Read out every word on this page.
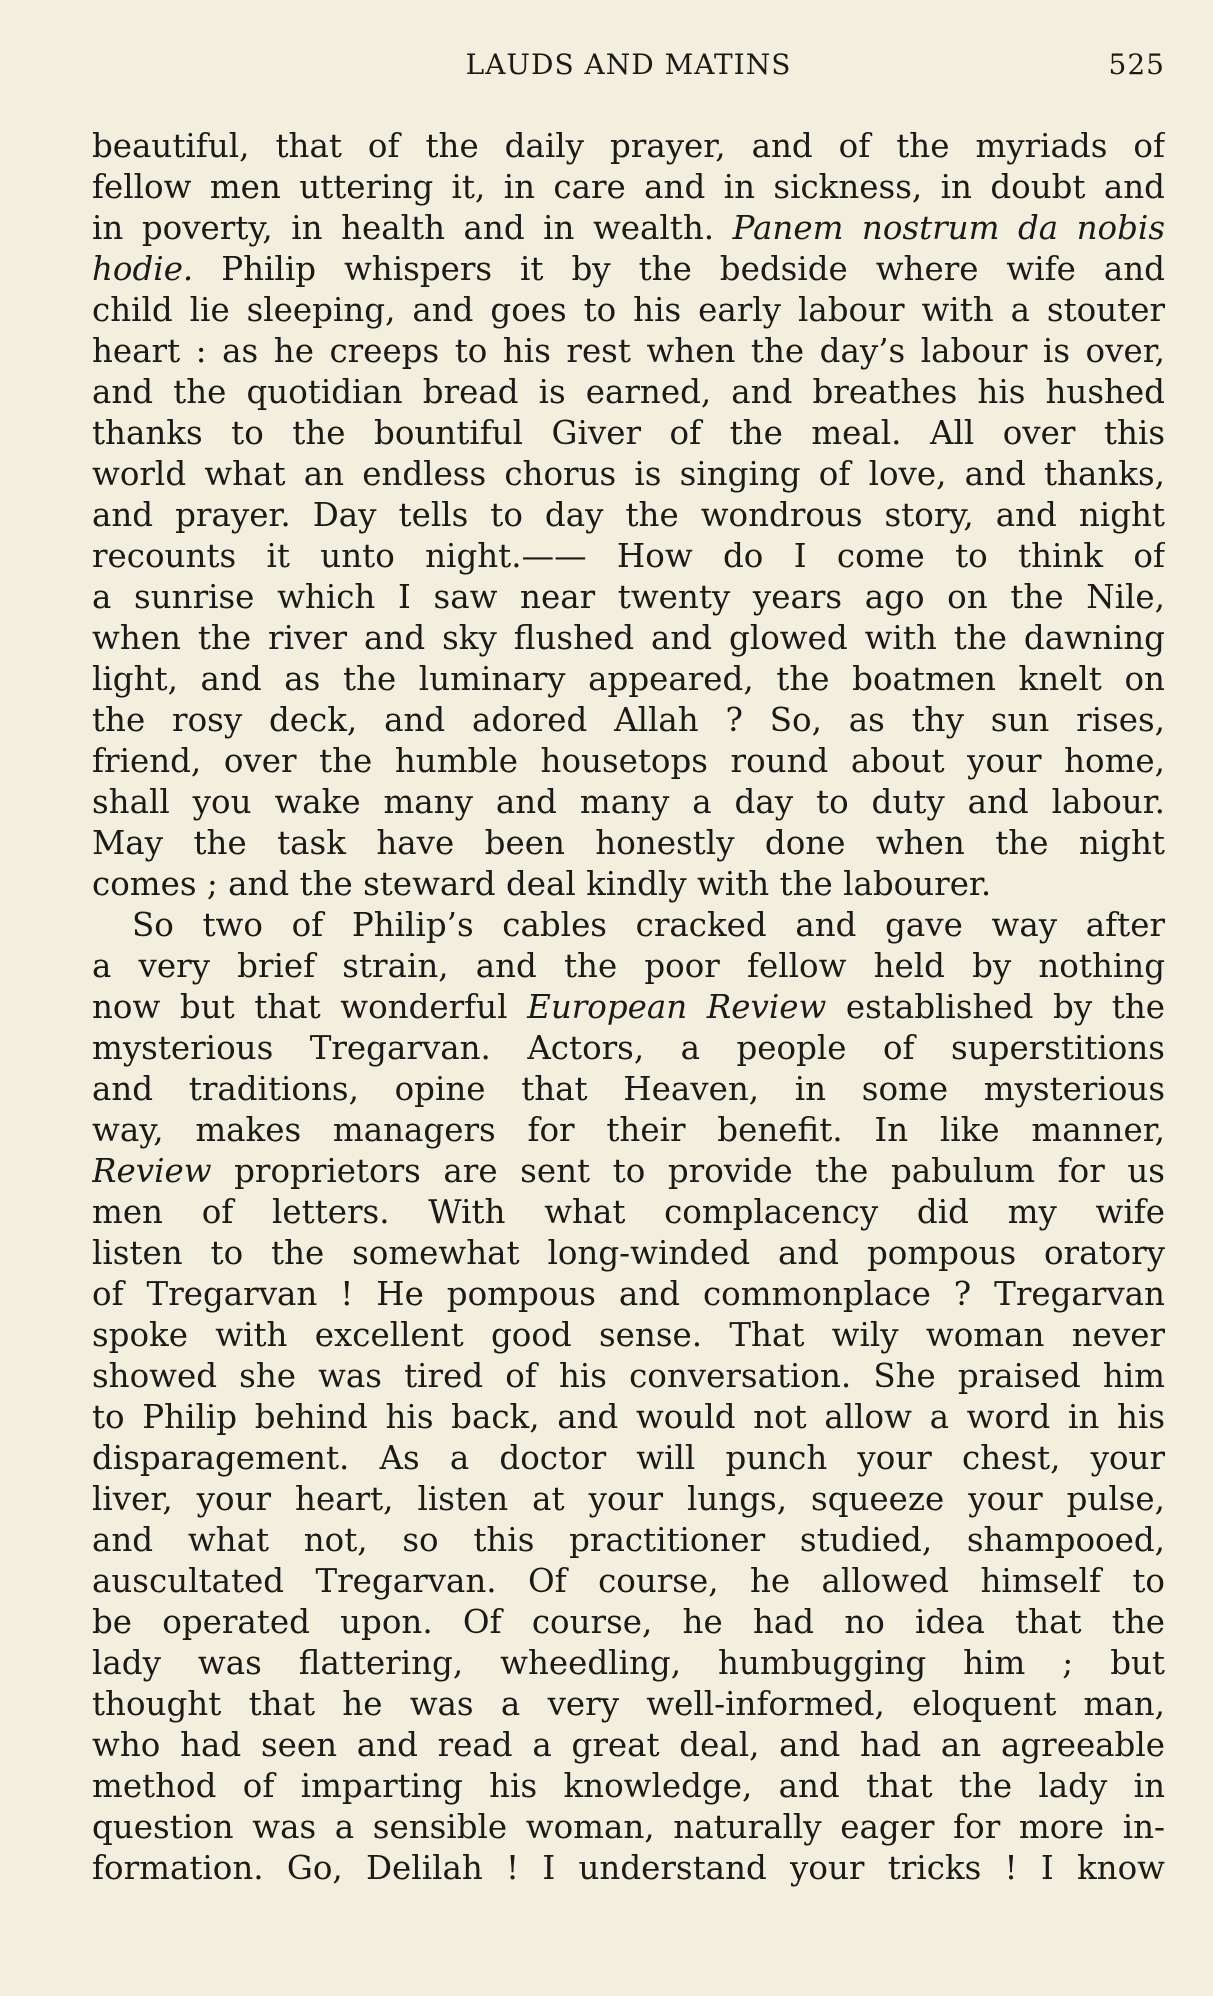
LAUDS AND MATINS	525
beautiful, that of the daily prayer, and of the myriads of
fellow men uttering it, in care and in sickness, in doubt and
in poverty, in health and in wealth. Panem nostrum da nobis
hodie. Philip whispers it by the bedside where wife and
child lie sleeping, and goes to his early labour with a stouter
heart : as he creeps to his rest when the day’s labour is over,
and the quotidian bread is earned, and breathes his hushed
thanks to the bountiful Giver of the meal. All over this
world what an endless chorus is singing of love, and thanks,
and prayer. Day tells to day the wondrous story, and night
recounts it unto night.—— How do I come to think of
a sunrise which I saw near twenty years ago on the Nile,
when the river and sky flushed and glowed with the dawning
light, and as the luminary appeared, the boatmen knelt on
the rosy deck, and adored Allah ? So, as thy sun rises,
friend, over the humble housetops round about your home,
shall you wake many and many a day to duty and labour.
May the task have been honestly done when the night
comes ; and the steward deal kindly with the labourer.
So two of Philip’s cables cracked and gave way after
a very brief strain, and the poor fellow held by nothing
now but that wonderful European Review established by the
mysterious Tregarvan. Actors, a people of superstitions
and traditions, opine that Heaven, in some mysterious
way, makes managers for their benefit. In like manner,
Review proprietors are sent to provide the pabulum for us
men of letters. With what complacency did my wife
listen to the somewhat long-winded and pompous oratory
of Tregarvan ! He pompous and commonplace ? Tregarvan
spoke with excellent good sense. That wily woman never
showed she was tired of his conversation. She praised him
to Philip behind his back, and would not allow a word in his
disparagement. As a doctor will punch your chest, your
liver, your heart, listen at your lungs, squeeze your pulse,
and what not, so this practitioner studied, shampooed,
auscultated Tregarvan. Of course, he allowed himself to
be operated upon. Of course, he had no idea that the
lady was flattering, wheedling, humbugging him ; but
thought that he was a very well-informed, eloquent man,
who had seen and read a great deal, and had an agreeable
method of imparting his knowledge, and that the lady in
question was a sensible woman, naturally eager for more in-
formation. Go, Delilah ! I understand your tricks ! I know
